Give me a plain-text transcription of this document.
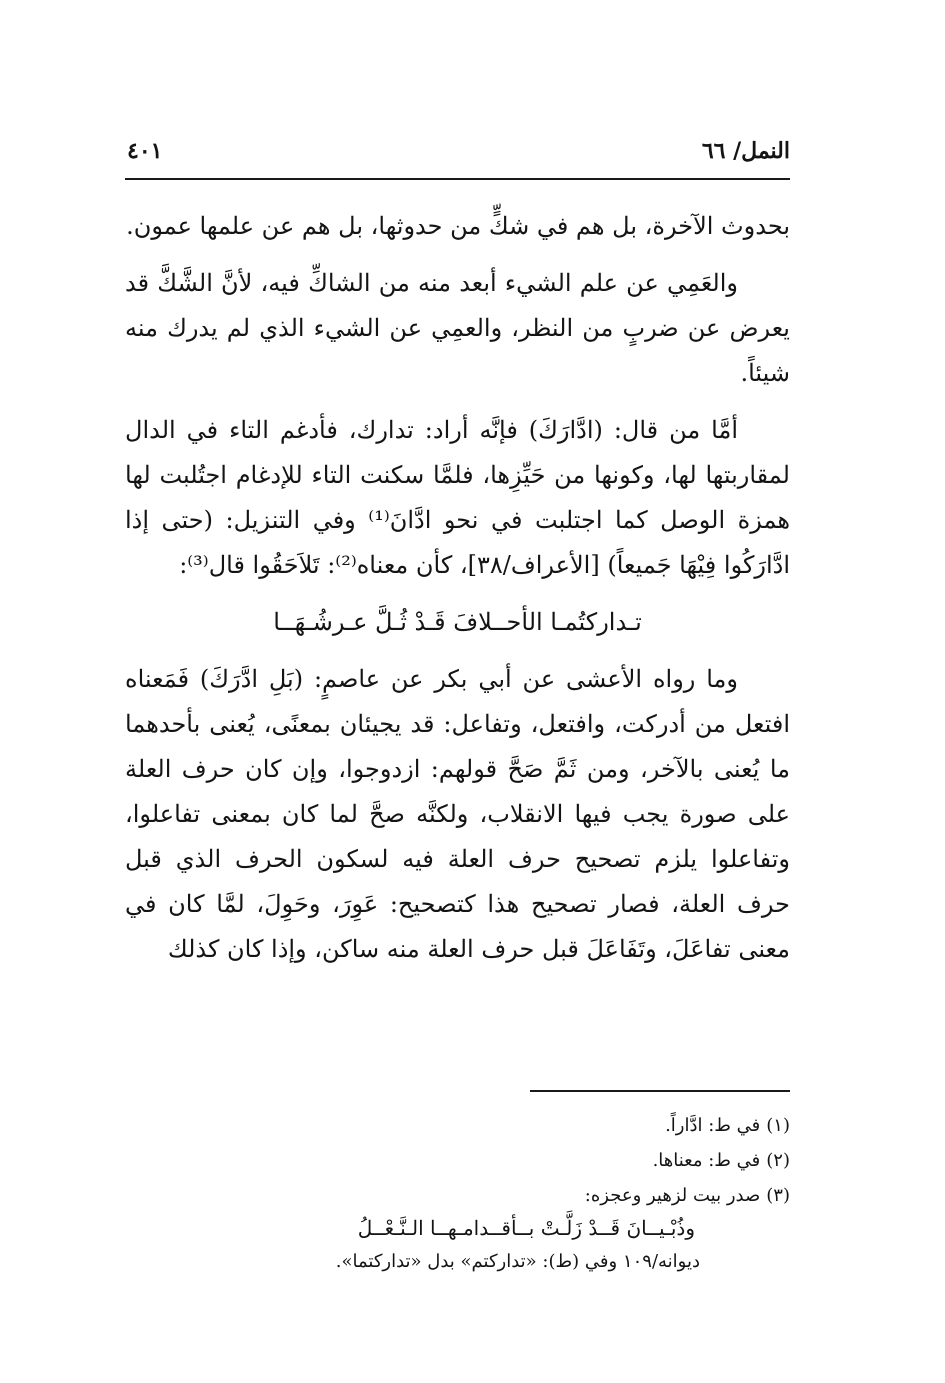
النمل/ ٦٦
٤٠١

بحدوث الآخرة، بل هم في شكٍّ من حدوثها، بل هم عن علمها عمون.

والعَمِي عن علم الشيء أبعد منه من الشاكِّ فيه، لأنَّ الشَّكَّ قد يعرض عن ضربٍ من النظر، والعمِي عن الشيء الذي لم يدرك منه شيئاً.

أمَّا من قال: (ادَّارَكَ) فإنَّه أراد: تدارك، فأدغم التاء في الدال لمقاربتها لها، وكونها من حَيِّزِها، فلمَّا سكنت التاء للإدغام اجتُلبت لها همزة الوصل كما اجتلبت في نحو ادَّانَ⁽¹⁾ وفي التنزيل: (حتى إذا ادَّارَكُوا فِيْهَا جَميعاً) [الأعراف/٣٨]، كأن معناه⁽²⁾: تَلاَحَقُوا قال⁽³⁾:

تـداركتُمـا الأحــلافَ قَـدْ ثُـلَّ عـرشُـهَــا

وما رواه الأعشى عن أبي بكر عن عاصمٍ: (بَلِ ادَّرَكَ) فَمَعناه افتعل من أدركت، وافتعل، وتفاعل: قد يجيئان بمعنًى، يُعنى بأحدهما ما يُعنى بالآخر، ومن ثَمَّ صَحَّ قولهم: ازدوجوا، وإن كان حرف العلة على صورة يجب فيها الانقلاب، ولكنَّه صحَّ لما كان بمعنى تفاعلوا، وتفاعلوا يلزم تصحيح حرف العلة فيه لسكون الحرف الذي قبل حرف العلة، فصار تصحيح هذا كتصحيح: عَوِرَ، وحَوِلَ، لمَّا كان في معنى تفاعَلَ، وتَفَاعَلَ قبل حرف العلة منه ساكن، وإذا كان كذلك

(١)في ط: ادَّاراً.

(٢)في ط: معناها.

(٣)صدر بيت لزهير وعجزه:

وذُبْـيــانَ قَــدْ زَلَّـتْ بــأقــدامـهــا الـنَّـعْــلُ

ديوانه/١٠٩ وفي (ط): «تداركتم» بدل «تداركتما».
